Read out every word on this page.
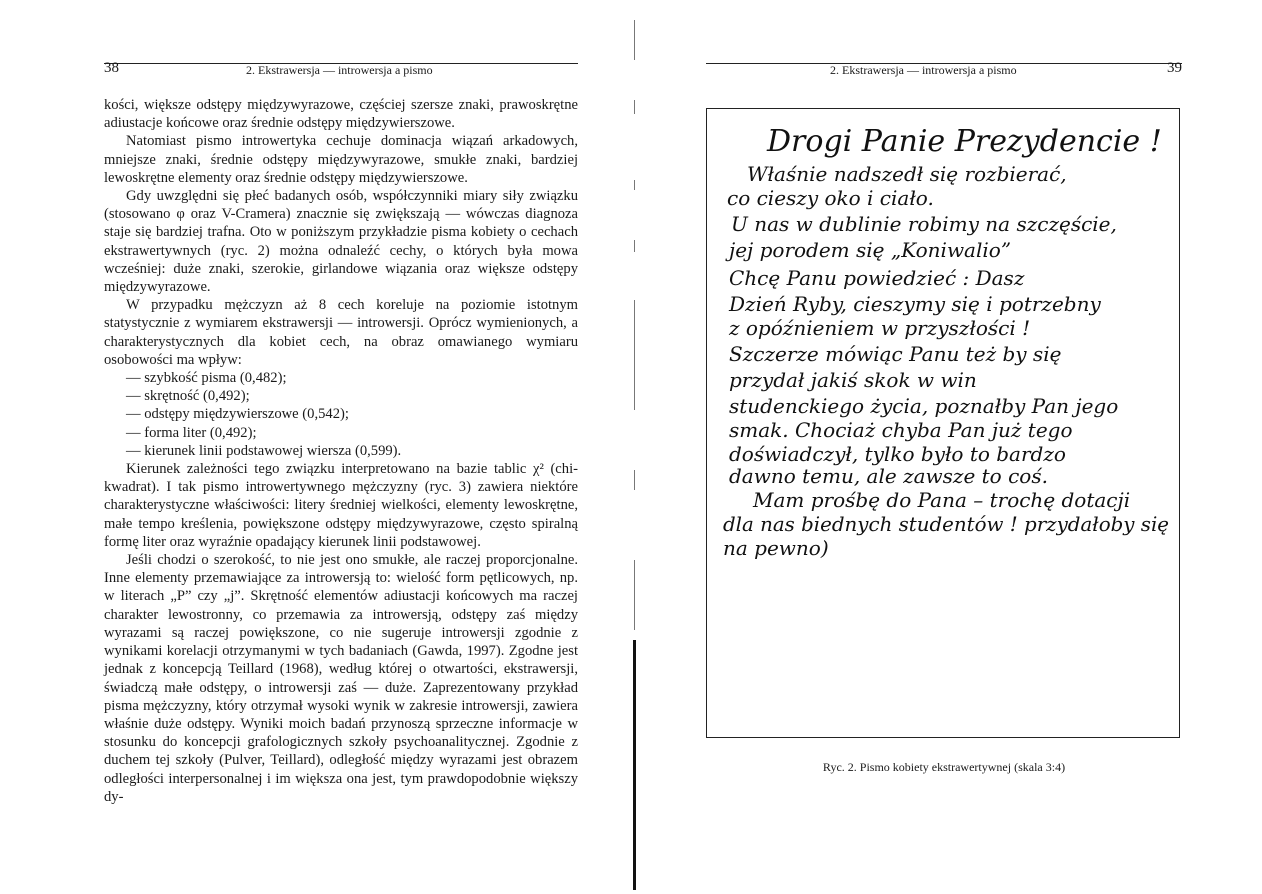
38	2. Ekstrawersja — introwersja a pismo

kości, większe odstępy międzywyrazowe, częściej szersze znaki, prawoskrętne adiustacje końcowe oraz średnie odstępy międzywierszowe.

Natomiast pismo introwertyka cechuje dominacja wiązań arkadowych, mniejsze znaki, średnie odstępy międzywyrazowe, smukłe znaki, bardziej lewoskrętne elementy oraz średnie odstępy międzywierszowe.

Gdy uwzględni się płeć badanych osób, współczynniki miary siły związku (stosowano φ oraz V-Cramera) znacznie się zwiększają — wówczas diagnoza staje się bardziej trafna. Oto w poniższym przykładzie pisma kobiety o cechach ekstrawertywnych (ryc. 2) można odnaleźć cechy, o których była mowa wcześniej: duże znaki, szerokie, girlandowe wiązania oraz większe odstępy międzywyrazowe.

W przypadku mężczyzn aż 8 cech koreluje na poziomie istotnym statystycznie z wymiarem ekstrawersji — introwersji. Oprócz wymienionych, a charakterystycznych dla kobiet cech, na obraz omawianego wymiaru osobowości ma wpływ:

— szybkość pisma (0,482);
— skrętność (0,492);
— odstępy międzywierszowe (0,542);
— forma liter (0,492);
— kierunek linii podstawowej wiersza (0,599).

Kierunek zależności tego związku interpretowano na bazie tablic χ² (chi-kwadrat). I tak pismo introwertywnego mężczyzny (ryc. 3) zawiera niektóre charakterystyczne właściwości: litery średniej wielkości, elementy lewoskrętne, małe tempo kreślenia, powiększone odstępy międzywyrazowe, często spiralną formę liter oraz wyraźnie opadający kierunek linii podstawowej.

Jeśli chodzi o szerokość, to nie jest ono smukłe, ale raczej proporcjonalne. Inne elementy przemawiające za introwersją to: wielość form pętlicowych, np. w literach „P” czy „j”. Skrętność elementów adiustacji końcowych ma raczej charakter lewostronny, co przemawia za introwersją, odstępy zaś między wyrazami są raczej powiększone, co nie sugeruje introwersji zgodnie z wynikami korelacji otrzymanymi w tych badaniach (Gawda, 1997). Zgodne jest jednak z koncepcją Teillard (1968), według której o otwartości, ekstrawersji, świadczą małe odstępy, o introwersji zaś — duże. Zaprezentowany przykład pisma mężczyzny, który otrzymał wysoki wynik w zakresie introwersji, zawiera właśnie duże odstępy. Wyniki moich badań przynoszą sprzeczne informacje w stosunku do koncepcji grafologicznych szkoły psychoanalitycznej. Zgodnie z duchem tej szkoły (Pulver, Teillard), odległość między wyrazami jest obrazem odległości interpersonalnej i im większa ona jest, tym prawdopodobnie większy dy-

2. Ekstrawersja — introwersja a pismo	39
Drogi Panie Prezydencie !
Właśnie nadszedł się rozbierać,
co cieszy oko i ciało.
U nas w dublinie robimy na szczęście,
jej porodem się „Koniwalio”
Chcę Panu powiedzieć : Dasz
Dzień Ryby, cieszymy się i potrzebny
z opóźnieniem w przyszłości !
Szczerze mówiąc Panu też by się
przydał jakiś skok w win
studenckiego życia, poznałby Pan jego
smak. Chociaż chyba Pan już tego
doświadczył, tylko było to bardzo
dawno temu, ale zawsze to coś.
Mam prośbę do Pana – trochę dotacji
dla nas biednych studentów ! przydałoby się
na pewno)
Ryc. 2. Pismo kobiety ekstrawertywnej (skala 3:4)
